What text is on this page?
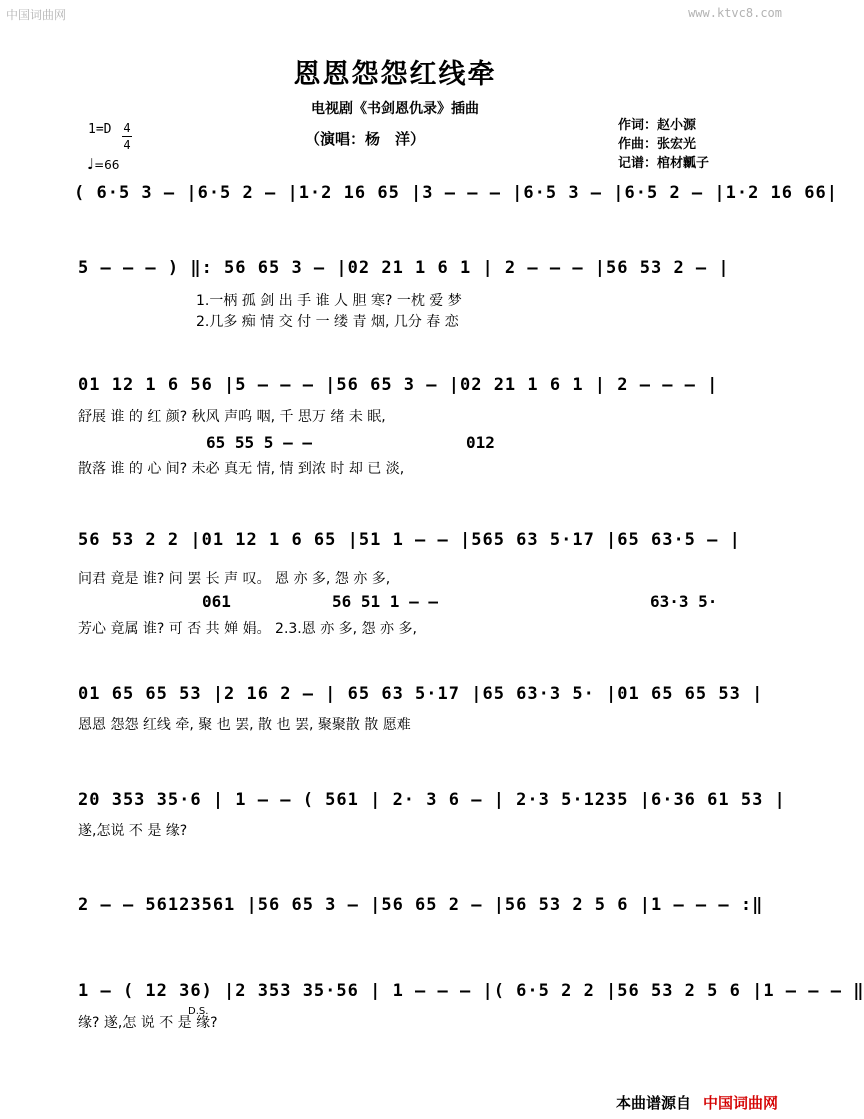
中国词曲网	www.ktvc8.com
恩恩怨怨红线牵
电视剧《书剑恩仇录》插曲
（演唱：杨　洋）
作词：赵小源
作曲：张宏光
记谱：棺材瓤子
1=D 4
4
♩=66
( 6·5 3 – |6·5 2 – |1·2 16 65 |3 – – – |6·5 3 – |6·5 2 – |1·2 16 66|
5 – – – ) ‖: 56 65 3 – |02 21 1 6 1 | 2 – – – |56 53 2 – |
1.一柄 孤 剑 出 手 谁 人 胆 寒? 一枕 爱 梦
2.几多 痴 情 交 付 一 缕 青 烟, 几分 春 恋
01 12 1 6 56 |5 – – – |56 65 3 – |02 21 1 6 1 | 2 – – – |
舒展 谁 的 红 颜? 秋风 声呜 咽, 千 思万 绪 未 眠,
65 55 5 – –	012
散落 谁 的 心 间? 未必 真无 情, 情 到浓 时 却 已 淡,
56 53 2 2 |01 12 1 6 65 |51 1 – – |565 63 5·17 |65 63·5 – |
问君 竟是 谁? 问 罢 长 声 叹。 恩 亦 多, 怨 亦 多,
061	56 51 1 – –	63·3 5·
芳心 竟属 谁? 可 否 共 婵 娟。 2.3.恩 亦 多, 怨 亦 多,
01 65 65 53 |2 16 2 – | 65 63 5·17 |65 63·3 5· |01 65 65 53 |
恩恩 怨怨 红线 牵, 聚 也 罢, 散 也 罢, 聚聚散 散 愿难
20 353 35·6 | 1 – – ( 561 | 2· 3 6 – | 2·3 5·1235 |6·36 61 53 |
遂,怎说 不 是 缘?
2 – – 56123561 |56 65 3 – |56 65 2 – |56 53 2 5 6 |1 – – – :‖
1 – ( 12 36) |2 353 35·56 | 1 – – – |( 6·5 2 2 |56 53 2 5 6 |1 – – – ‖
D.S.
缘? 遂,怎 说 不 是 缘?
本曲谱源自 中国词曲网
